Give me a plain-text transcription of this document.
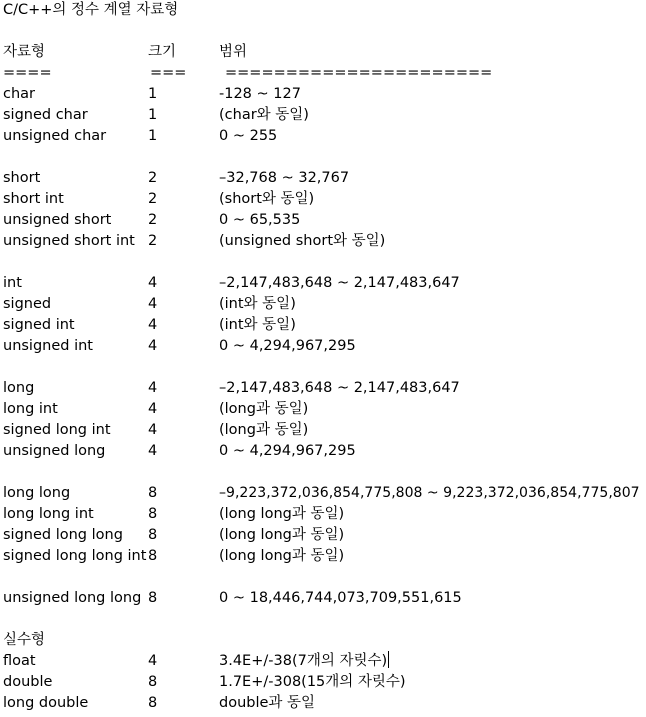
C/C++의 정수 계열 자료형
자료형	크기	범위
====	===	======================
char	1	-128 ~ 127
signed char	1	(char와 동일)
unsigned char	1	0 ~ 255
short	2	–32,768 ~ 32,767
short int	2	(short와 동일)
unsigned short	2	0 ~ 65,535
unsigned short int 2	(unsigned short와 동일)
int	4	–2,147,483,648 ~ 2,147,483,647
signed	4	(int와 동일)
signed int	4	(int와 동일)
unsigned int	4	0 ~ 4,294,967,295
long	4	–2,147,483,648 ~ 2,147,483,647
long int	4	(long과 동일)
signed long int	4	(long과 동일)
unsigned long	4	0 ~ 4,294,967,295
long long	8	–9,223,372,036,854,775,808 ~ 9,223,372,036,854,775,807
long long int	8	(long long과 동일)
signed long long 8	(long long과 동일)
signed long long int 8	(long long과 동일)
unsigned long long 8	0 ~ 18,446,744,073,709,551,615
실수형
float	4	3.4E+/-38(7개의 자릿수)
double	8	1.7E+/-308(15개의 자릿수)
long double	8	double과 동일
